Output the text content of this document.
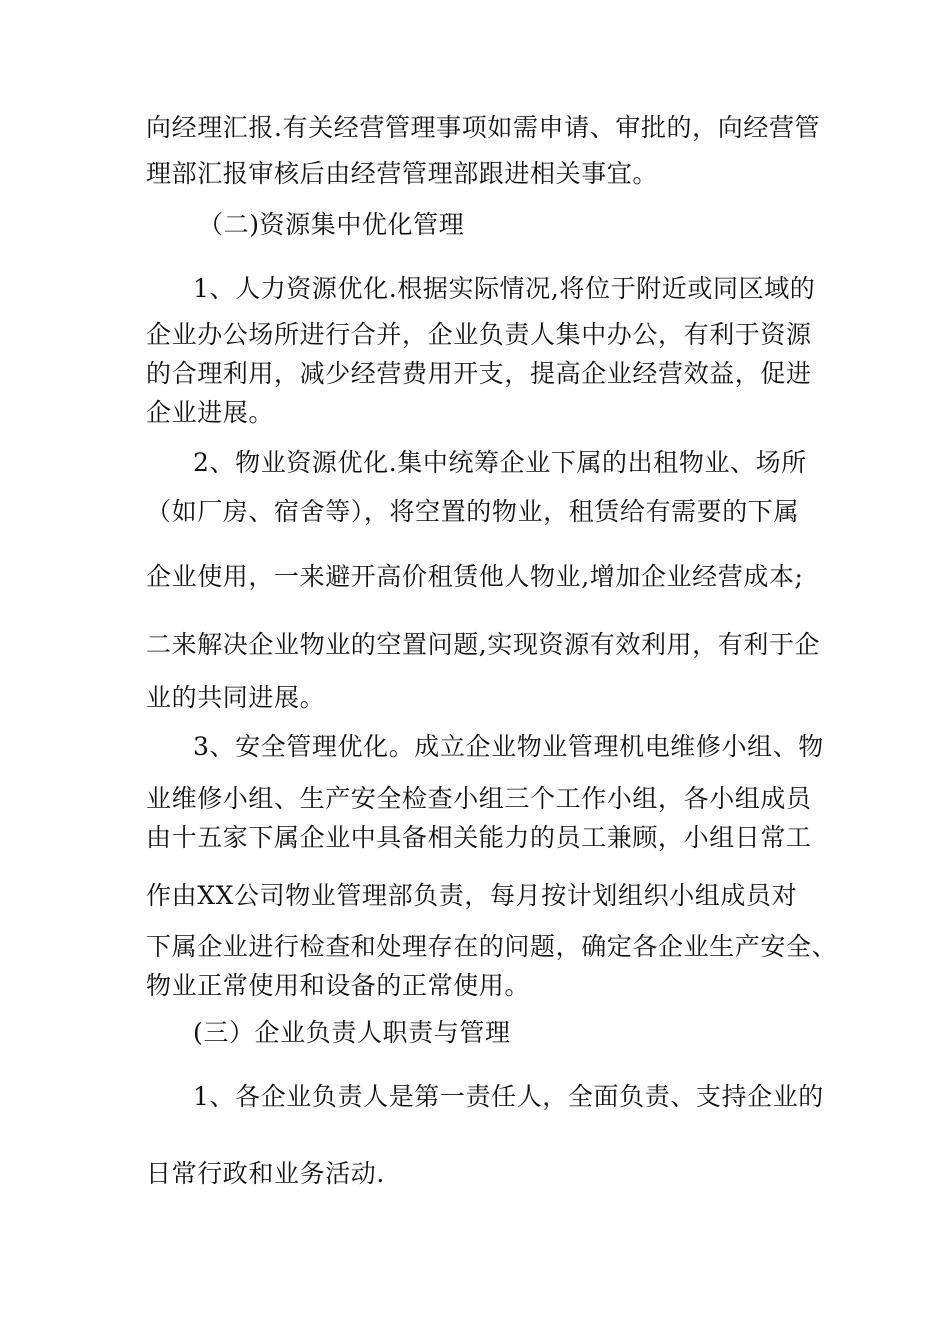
向经理汇报.有关经营管理事项如需申请、审批的，向经营管
理部汇报审核后由经营管理部跟进相关事宜。
（二)资源集中优化管理
1、人力资源优化.根据实际情况,将位于附近或同区域的
企业办公场所进行合并，企业负责人集中办公，有利于资源
的合理利用，减少经营费用开支，提高企业经营效益，促进
企业进展。
2、物业资源优化.集中统筹企业下属的出租物业、场所
（如厂房、宿舍等），将空置的物业，租赁给有需要的下属
企业使用，一来避开高价租赁他人物业,增加企业经营成本;
二来解决企业物业的空置问题,实现资源有效利用，有利于企
业的共同进展。
3、安全管理优化。成立企业物业管理机电维修小组、物
业维修小组、生产安全检查小组三个工作小组，各小组成员
由十五家下属企业中具备相关能力的员工兼顾，小组日常工
作由XX公司物业管理部负责，每月按计划组织小组成员对
下属企业进行检查和处理存在的问题，确定各企业生产安全、
物业正常使用和设备的正常使用。
(三）企业负责人职责与管理
1、各企业负责人是第一责任人，全面负责、支持企业的
日常行政和业务活动.
